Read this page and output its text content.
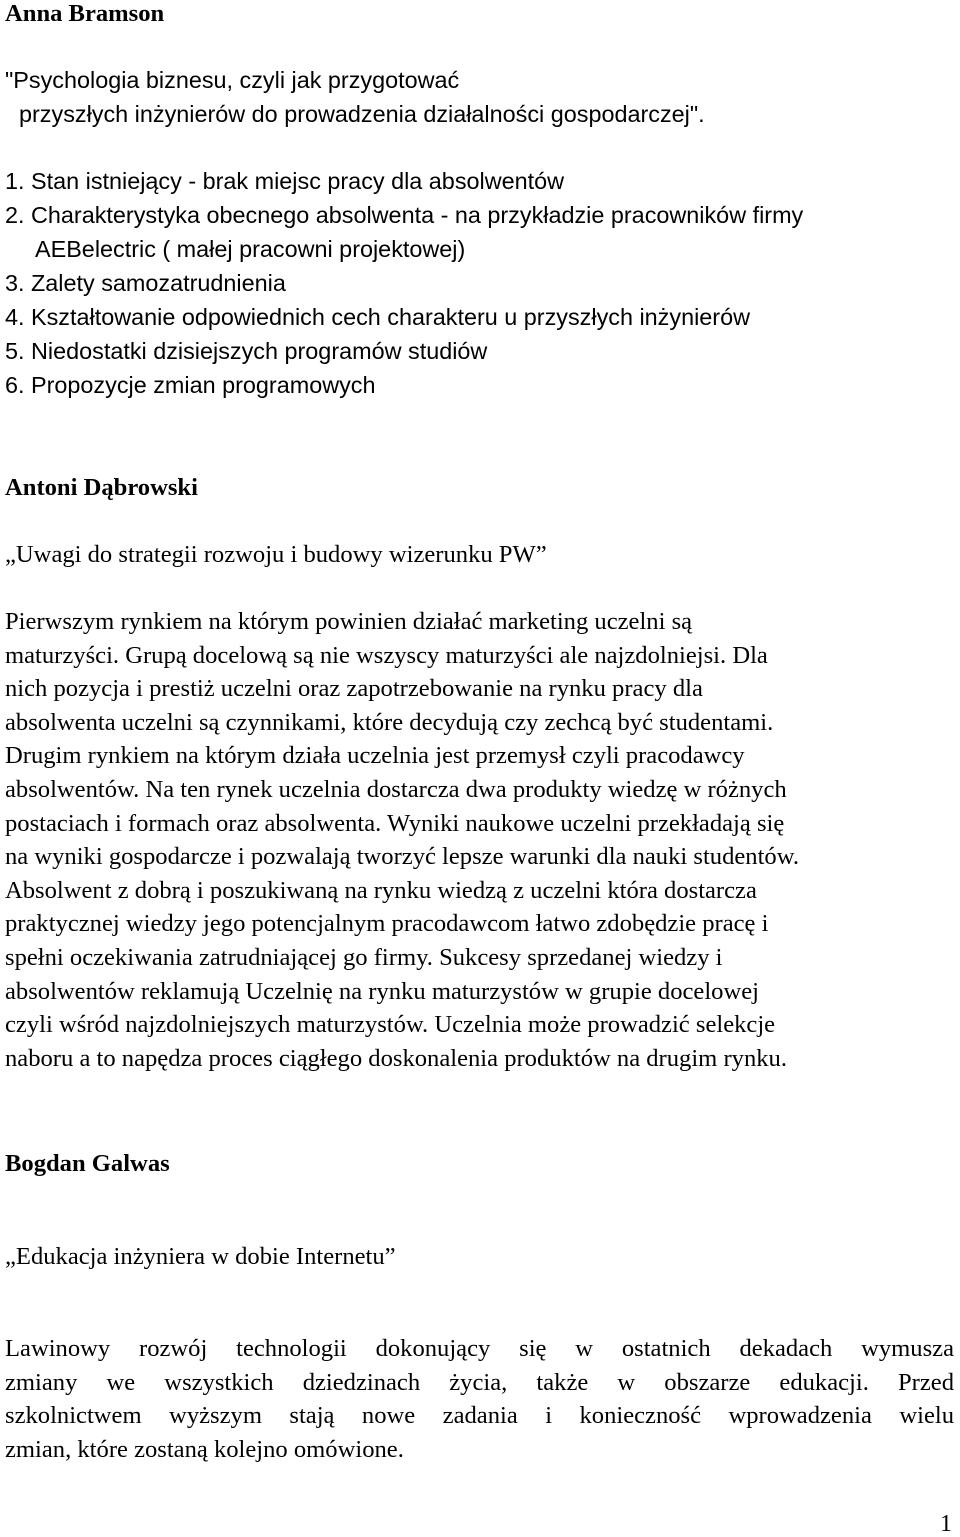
Anna Bramson
"Psychologia biznesu, czyli jak przygotować
przyszłych inżynierów do prowadzenia działalności gospodarczej".
1. Stan istniejący - brak miejsc pracy dla absolwentów
2. Charakterystyka obecnego absolwenta - na przykładzie pracowników firmy
AEBelectric ( małej pracowni projektowej)
3. Zalety samozatrudnienia
4. Kształtowanie odpowiednich cech charakteru u przyszłych inżynierów
5. Niedostatki dzisiejszych programów studiów
6. Propozycje zmian programowych
Antoni Dąbrowski
„Uwagi do strategii rozwoju i budowy wizerunku PW”
Pierwszym rynkiem na którym powinien działać marketing uczelni są
maturzyści. Grupą docelową są nie wszyscy maturzyści ale najzdolniejsi. Dla
nich pozycja i prestiż uczelni oraz zapotrzebowanie na rynku pracy dla
absolwenta uczelni są czynnikami, które decydują czy zechcą być studentami.
Drugim rynkiem na którym działa uczelnia jest przemysł czyli pracodawcy
absolwentów. Na ten rynek uczelnia dostarcza dwa produkty wiedzę w różnych
postaciach i formach oraz absolwenta. Wyniki naukowe uczelni przekładają się
na wyniki gospodarcze i pozwalają tworzyć lepsze warunki dla nauki studentów.
Absolwent z dobrą i poszukiwaną na rynku wiedzą z uczelni która dostarcza
praktycznej wiedzy jego potencjalnym pracodawcom łatwo zdobędzie pracę i
spełni oczekiwania zatrudniającej go firmy. Sukcesy sprzedanej wiedzy i
absolwentów reklamują Uczelnię na rynku maturzystów w grupie docelowej
czyli wśród najzdolniejszych maturzystów. Uczelnia może prowadzić selekcje
naboru a to napędza proces ciągłego doskonalenia produktów na drugim rynku.
Bogdan Galwas
„Edukacja inżyniera w dobie Internetu”
Lawinowy rozwój technologii dokonujący się w ostatnich dekadach wymusza
zmiany we wszystkich dziedzinach życia, także w obszarze edukacji. Przed
szkolnictwem wyższym stają nowe zadania i konieczność wprowadzenia wielu
zmian, które zostaną kolejno omówione.
1
